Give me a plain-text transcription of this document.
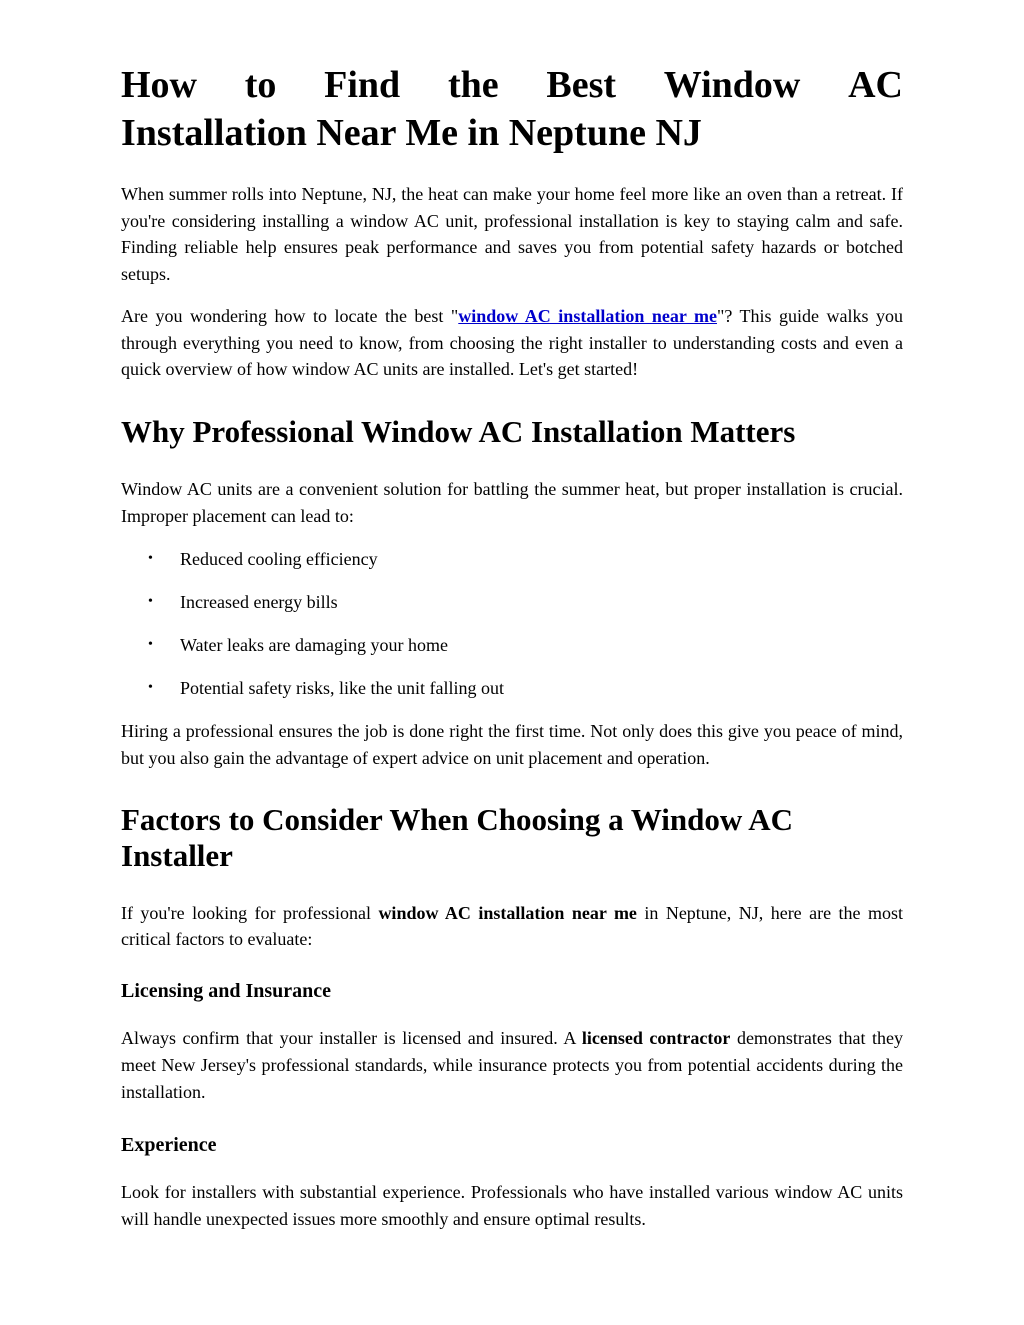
How to Find the Best Window AC
Installation Near Me in Neptune NJ

When summer rolls into Neptune, NJ, the heat can make your home feel more like an oven than a retreat. If you're considering installing a window AC unit, professional installation is key to staying calm and safe. Finding reliable help ensures peak performance and saves you from potential safety hazards or botched setups.

Are you wondering how to locate the best "window AC installation near me"? This guide walks you through everything you need to know, from choosing the right installer to understanding costs and even a quick overview of how window AC units are installed. Let's get started!

Why Professional Window AC Installation Matters

Window AC units are a convenient solution for battling the summer heat, but proper installation is crucial. Improper placement can lead to:

• Reduced cooling efficiency
• Increased energy bills
• Water leaks are damaging your home
• Potential safety risks, like the unit falling out

Hiring a professional ensures the job is done right the first time. Not only does this give you peace of mind, but you also gain the advantage of expert advice on unit placement and operation.

Factors to Consider When Choosing a Window AC Installer

If you're looking for professional window AC installation near me in Neptune, NJ, here are the most critical factors to evaluate:

Licensing and Insurance

Always confirm that your installer is licensed and insured. A licensed contractor demonstrates that they meet New Jersey's professional standards, while insurance protects you from potential accidents during the installation.

Experience

Look for installers with substantial experience. Professionals who have installed various window AC units will handle unexpected issues more smoothly and ensure optimal results.
